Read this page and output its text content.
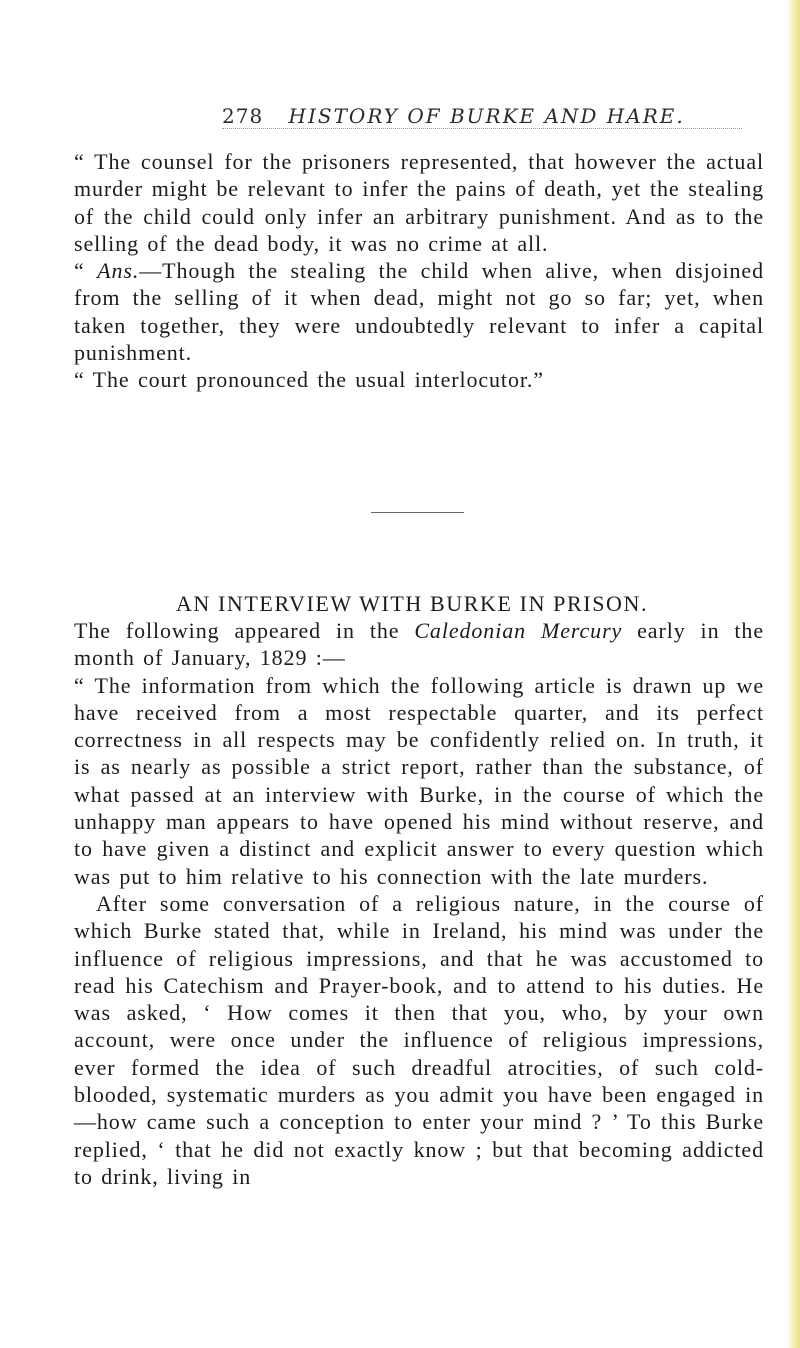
278 HISTORY OF BURKE AND HARE.

“ The counsel for the prisoners represented, that however the actual murder might be relevant to infer the pains of death, yet the stealing of the child could only infer an arbitrary punishment. And as to the selling of the dead body, it was no crime at all.

“ Ans.—Though the stealing the child when alive, when disjoined from the selling of it when dead, might not go so far; yet, when taken together, they were undoubtedly relevant to infer a capital punishment.

“ The court pronounced the usual interlocutor.”

AN INTERVIEW WITH BURKE IN PRISON.

The following appeared in the Caledonian Mercury early in the month of January, 1829 :—

“ The information from which the following article is drawn up we have received from a most respectable quarter, and its perfect correctness in all respects may be confidently relied on. In truth, it is as nearly as possible a strict report, rather than the substance, of what passed at an interview with Burke, in the course of which the unhappy man appears to have opened his mind without reserve, and to have given a distinct and explicit answer to every question which was put to him relative to his connection with the late murders.

After some conversation of a religious nature, in the course of which Burke stated that, while in Ireland, his mind was under the influence of religious impressions, and that he was accustomed to read his Catechism and Prayer-book, and to attend to his duties. He was asked, ‘ How comes it then that you, who, by your own account, were once under the influence of religious impressions, ever formed the idea of such dreadful atrocities, of such cold-blooded, systematic murders as you admit you have been engaged in—how came such a conception to enter your mind ? ’ To this Burke replied, ‘ that he did not exactly know ; but that becoming addicted to drink, living in
